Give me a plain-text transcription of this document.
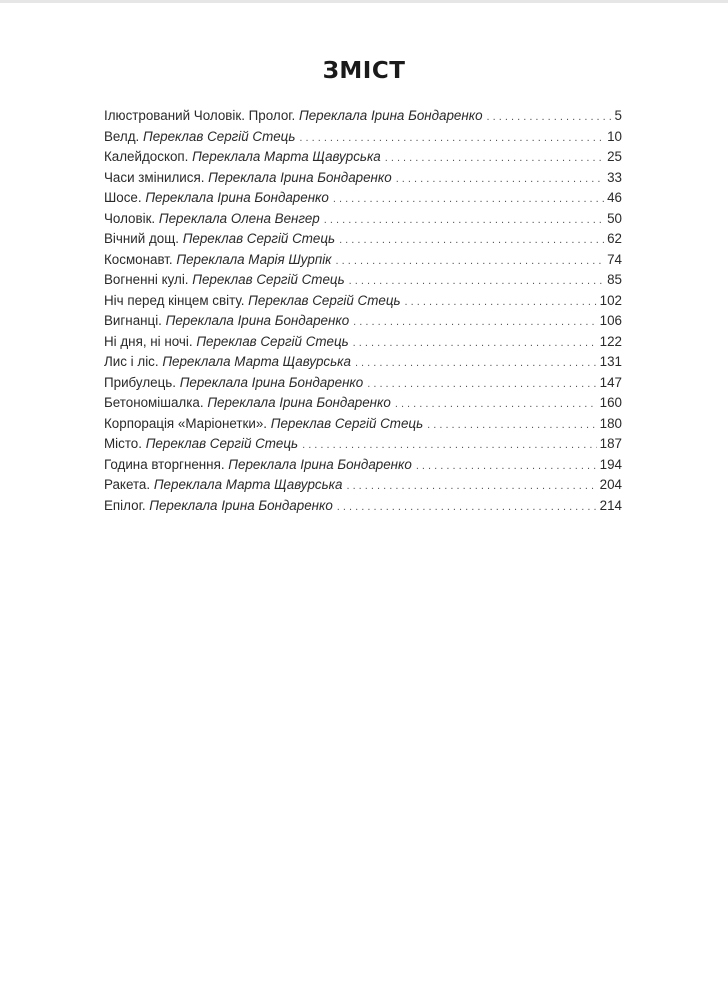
ЗМІСТ
Ілюстрований Чоловік. Пролог. Переклала Ірина Бондаренко . . .	5
Велд. Переклав Сергій Стець . . .	10
Калейдоскоп. Переклала Марта Щавурська . . .	25
Часи змінилися. Переклала Ірина Бондаренко . . .	33
Шосе. Переклала Ірина Бондаренко . . .	46
Чоловік. Переклала Олена Венгер . . .	50
Вічний дощ. Переклав Сергій Стець . . .	62
Космонавт. Переклала Марія Шурпік . . .	74
Вогненні кулі. Переклав Сергій Стець . . .	85
Ніч перед кінцем світу. Переклав Сергій Стець . . .	102
Вигнанці. Переклала Ірина Бондаренко . . .	106
Ні дня, ні ночі. Переклав Сергій Стець . . .	122
Лис і ліс. Переклала Марта Щавурська . . .	131
Прибулець. Переклала Ірина Бондаренко . . .	147
Бетономішалка. Переклала Ірина Бондаренко . . .	160
Корпорація «Маріонетки». Переклав Сергій Стець . . .	180
Місто. Переклав Сергій Стець . . .	187
Година вторгнення. Переклала Ірина Бондаренко . . .	194
Ракета. Переклала Марта Щавурська . . .	204
Епілог. Переклала Ірина Бондаренко . . .	214
